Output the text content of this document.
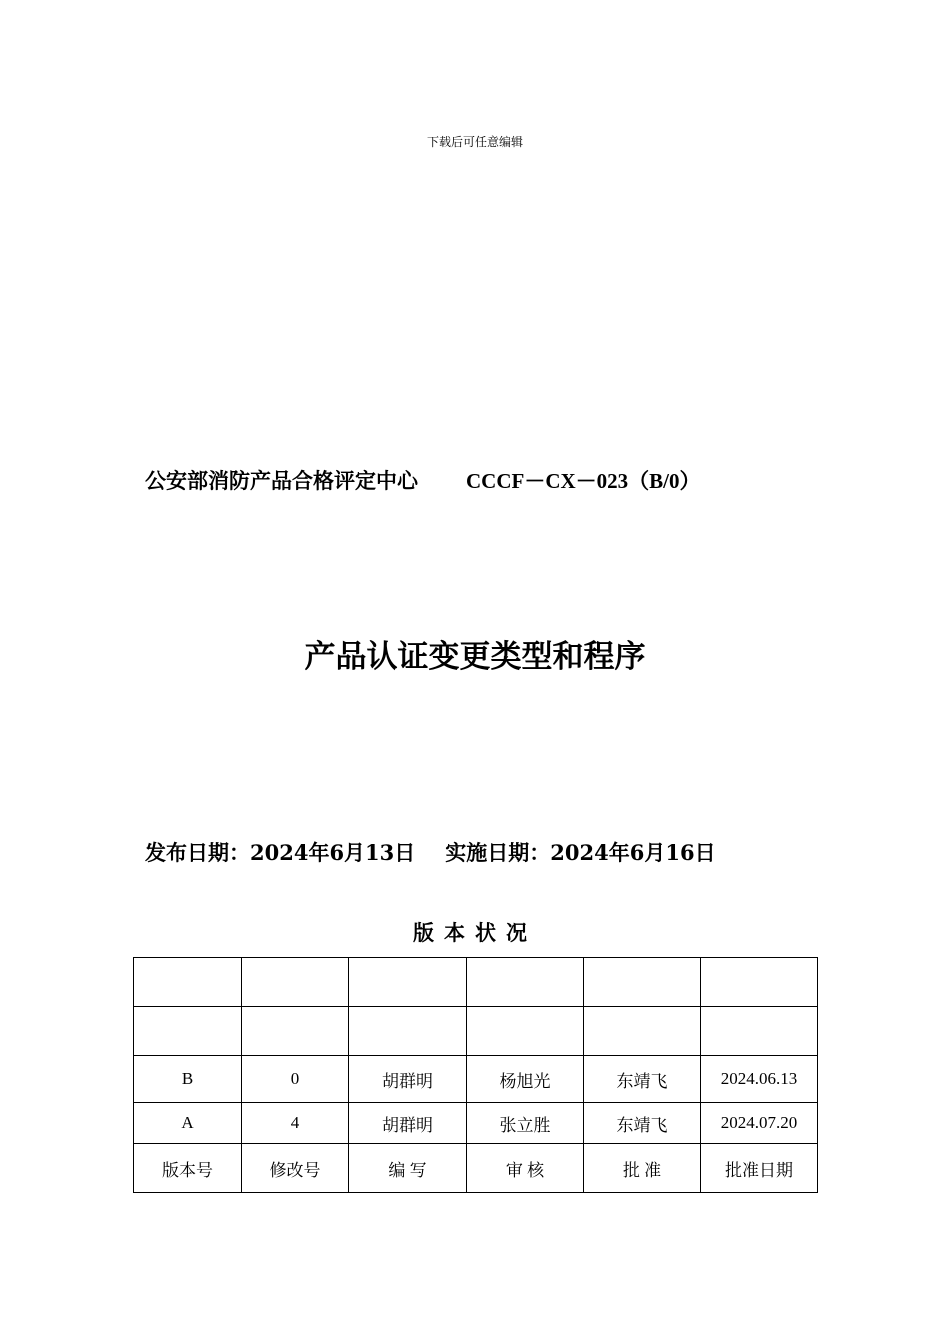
下载后可任意编辑
公安部消防产品合格评定中心 CCCF－CX－023（B/0）
产品认证变更类型和程序
发布日期：2024年6月13日 实施日期：2024年6月16日
版本状况

B	0	胡群明	杨旭光	东靖飞	2024.06.13
A	4	胡群明	张立胜	东靖飞	2024.07.20
版本号	修改号	编 写	审 核	批 准	批准日期
